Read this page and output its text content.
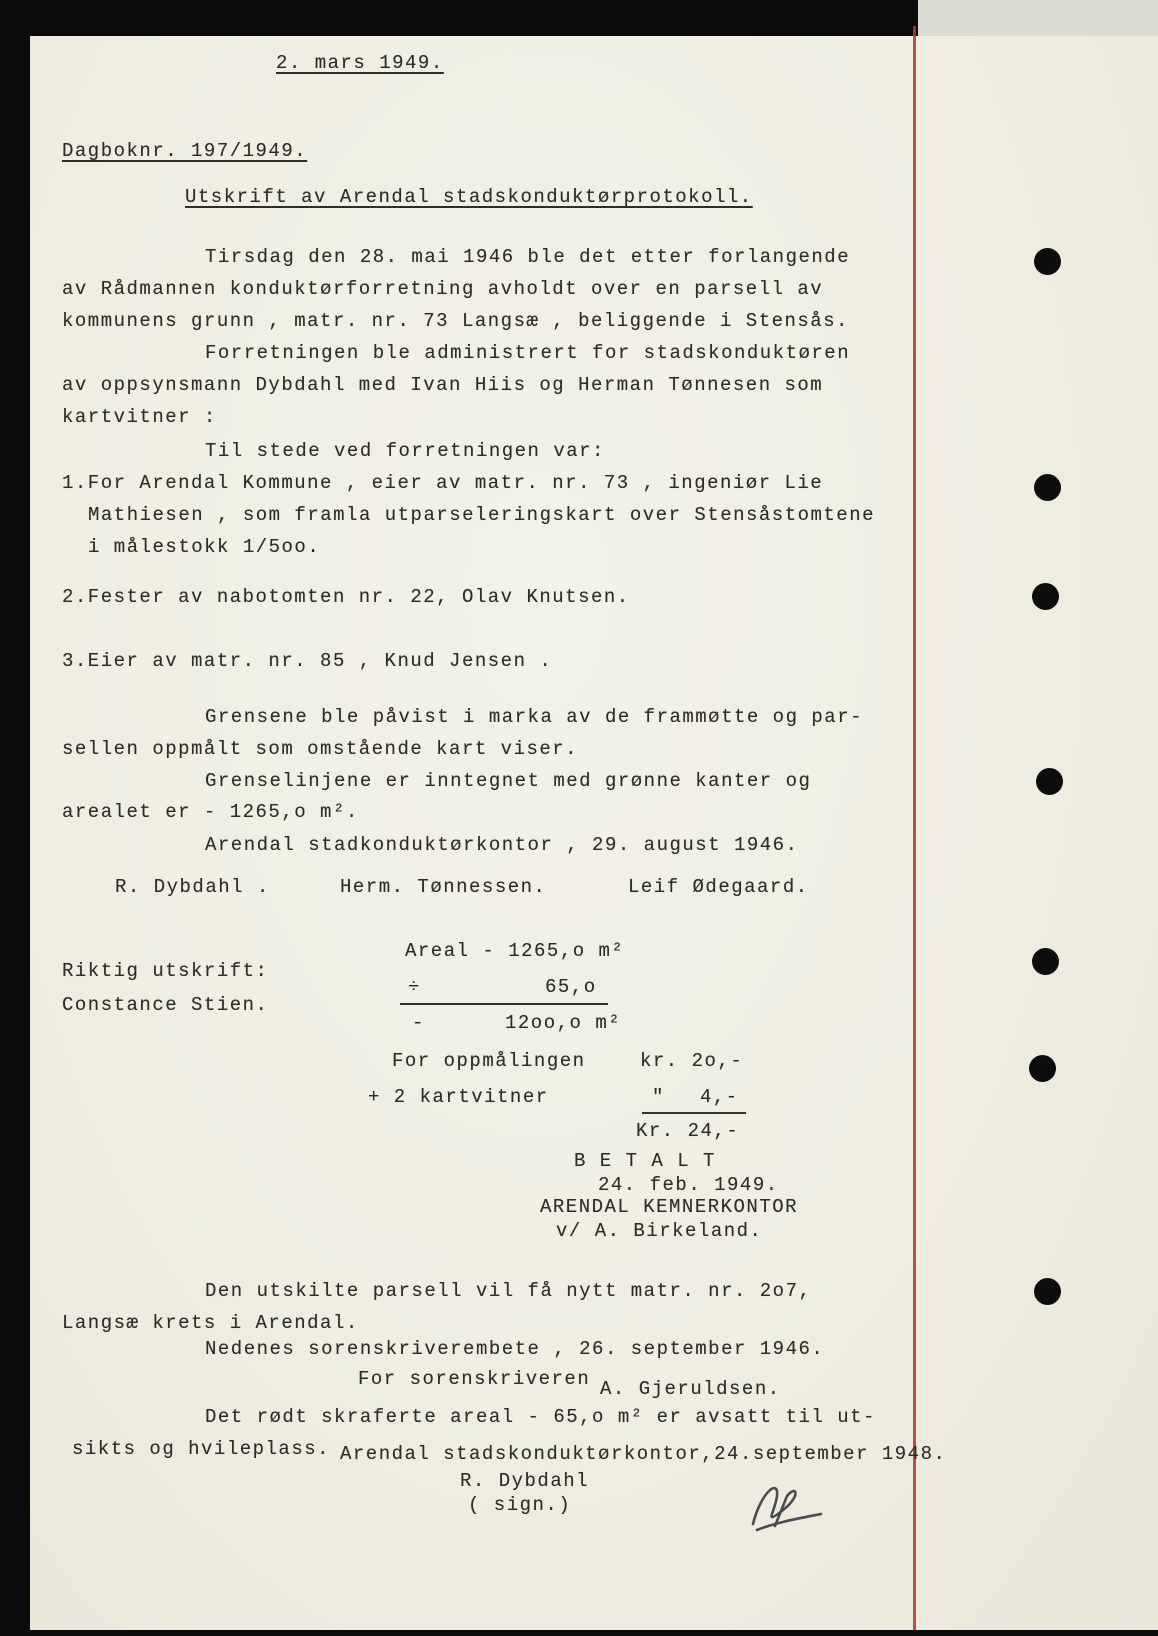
2. mars 1949.
Dagboknr. 197/1949.
Utskrift av Arendal stadskonduktørprotokoll.
Tirsdag den 28. mai 1946 ble det etter forlangende
av Rådmannen konduktørforretning avholdt over en parsell av
kommunens grunn , matr. nr. 73 Langsæ , beliggende i Stensås.
Forretningen ble administrert for stadskonduktøren
av oppsynsmann Dybdahl med Ivan Hiis og Herman Tønnesen som
kartvitner :
Til stede ved forretningen var:
1.For Arendal Kommune , eier av matr. nr. 73 , ingeniør Lie
Mathiesen , som framla utparseleringskart over Stensåstomtene
i målestokk 1/5oo.
2.Fester av nabotomten nr. 22, Olav Knutsen.
3.Eier av matr. nr. 85 , Knud Jensen .
Grensene ble påvist i marka av de frammøtte og par-
sellen oppmålt som omstående kart viser.
Grenselinjene er inntegnet med grønne kanter og
arealet er - 1265,o m².
Arendal stadkonduktørkontor , 29. august 1946.
R. Dybdahl .	Herm. Tønnessen.	Leif Ødegaard.
Riktig utskrift:
Constance Stien.
Areal - 1265,o m²
÷	65,o
-	12oo,o m²
For oppmålingen	kr. 2o,-
+ 2 kartvitner	" 4,-
Kr. 24,-
B E T A L T
24. feb. 1949.
ARENDAL KEMNERKONTOR
v/ A. Birkeland.
Den utskilte parsell vil få nytt matr. nr. 2o7,
Langsæ krets i Arendal.
Nedenes sorenskriverembete , 26. september 1946.
For sorenskriveren A. Gjeruldsen.
Det rødt skraferte areal - 65,o m² er avsatt til ut-
sikts og hvileplass. Arendal stadskonduktørkontor,24.september 1948.
R. Dybdahl
( sign.)
